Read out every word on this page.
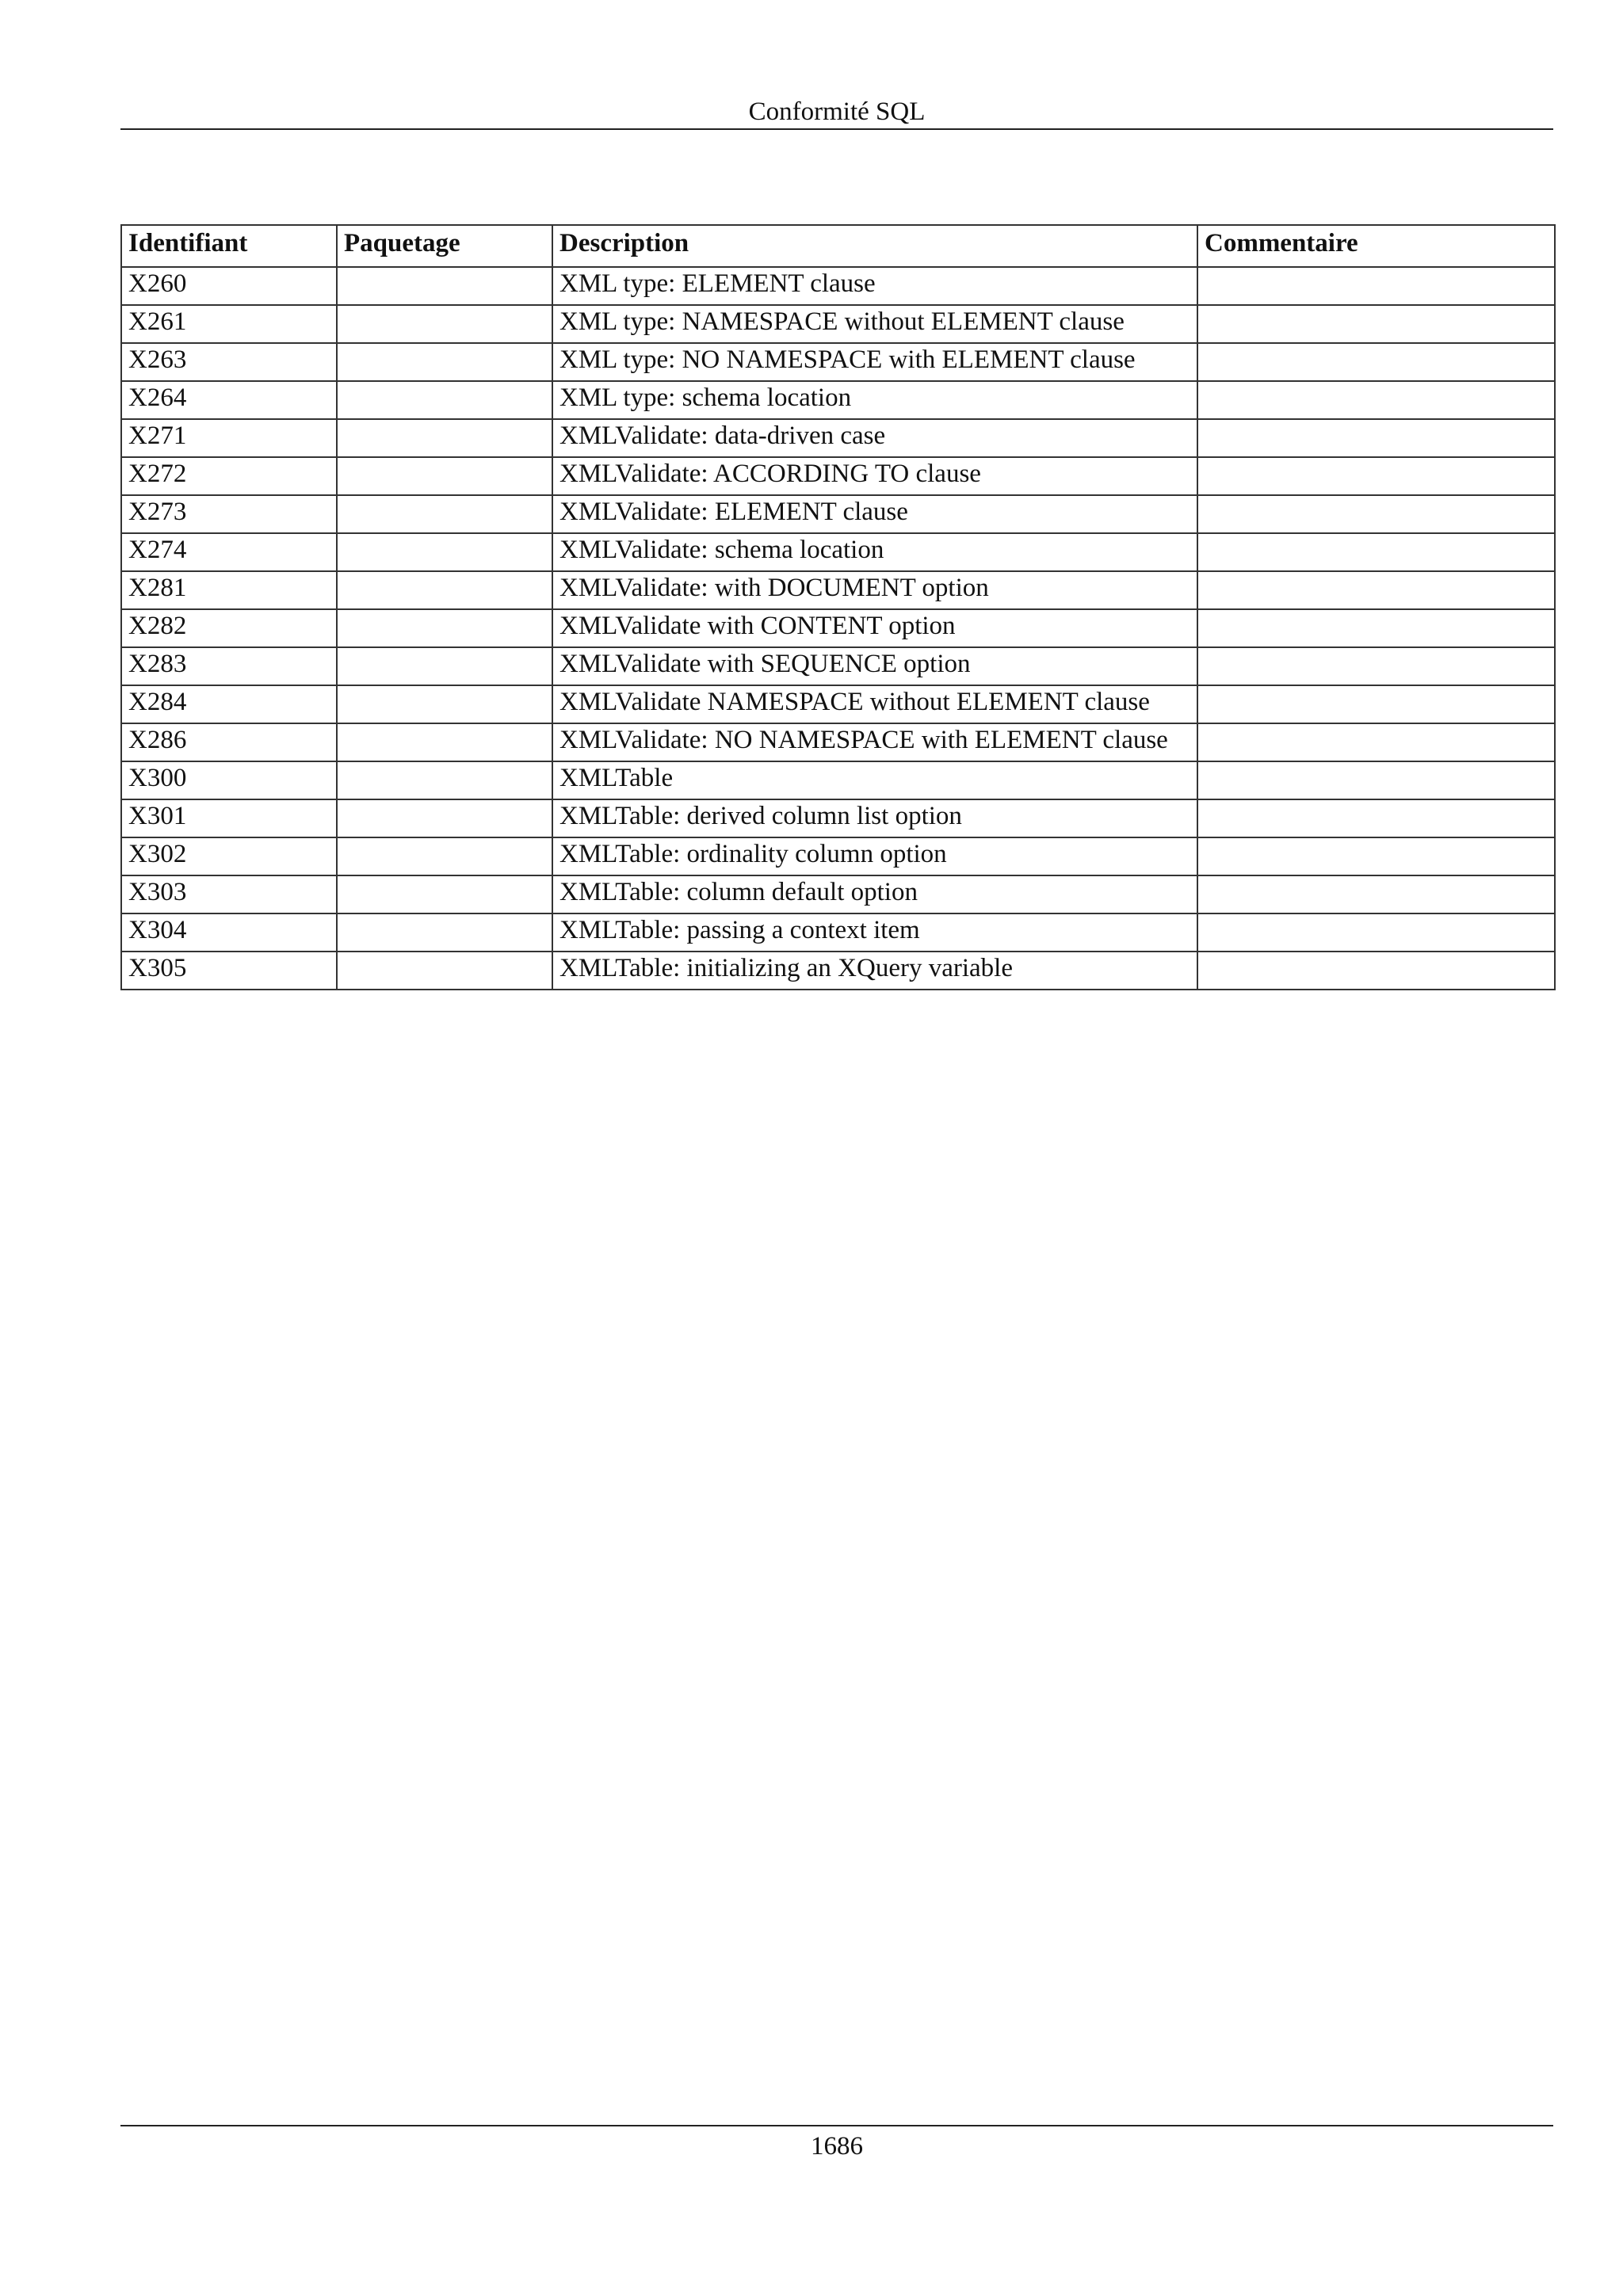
Conformité SQL
Identifiant	Paquetage	Description	Commentaire
X260		XML type: ELEMENT clause	
X261		XML type: NAMESPACE without ELEMENT clause	
X263		XML type: NO NAMESPACE with ELEMENT clause	
X264		XML type: schema location	
X271		XMLValidate: data-driven case	
X272		XMLValidate: ACCORDING TO clause	
X273		XMLValidate: ELEMENT clause	
X274		XMLValidate: schema location	
X281		XMLValidate: with DOCUMENT option	
X282		XMLValidate with CONTENT option	
X283		XMLValidate with SEQUENCE option	
X284		XMLValidate NAMESPACE without ELEMENT clause	
X286		XMLValidate: NO NAMESPACE with ELEMENT clause	
X300		XMLTable	
X301		XMLTable: derived column list option	
X302		XMLTable: ordinality column option	
X303		XMLTable: column default option	
X304		XMLTable: passing a context item	
X305		XMLTable: initializing an XQuery variable	
1686
